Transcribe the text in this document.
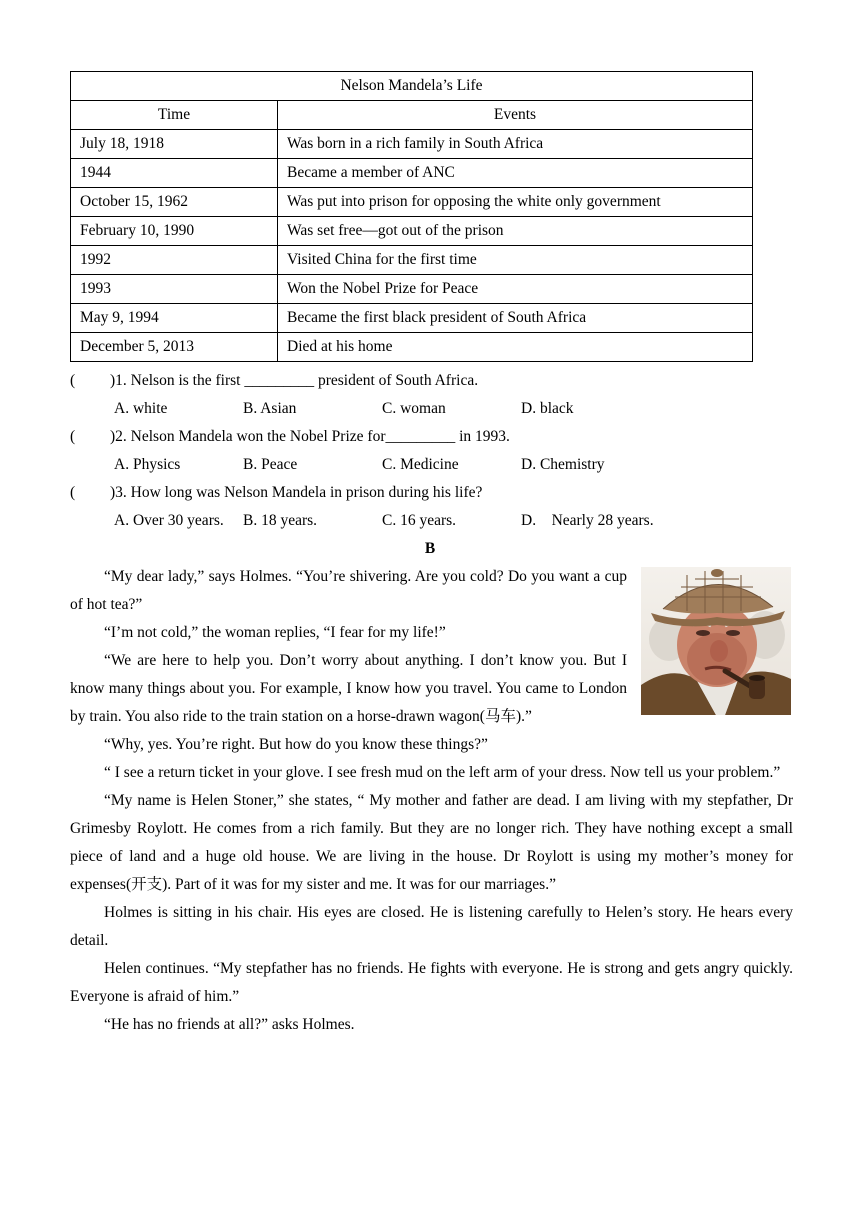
Nelson Mandela’s Life	
Time	Events
July 18, 1918	Was born in a rich family in South Africa
1944	Became a member of ANC
October 15, 1962	Was put into prison for opposing the white only government
February 10, 1990	Was set free—got out of the prison
1992	Visited China for the first time
1993	Won the Nobel Prize for Peace
May 9, 1994	Became the first black president of South Africa
December 5, 2013	Died at his home
( )1. Nelson is the first _________ president of South Africa.
A. white	B. Asian	C. woman	D. black
( )2. Nelson Mandela won the Nobel Prize for_________ in 1993.
A. Physics	B. Peace	C. Medicine	D. Chemistry
( )3. How long was Nelson Mandela in prison during his life?
A. Over 30 years. B. 18 years.	C. 16 years.	D.    Nearly 28 years.
B

“My dear lady,” says Holmes. “You’re shivering. Are you cold? Do you want a cup of hot tea?”

“I’m not cold,” the woman replies, “I fear for my life!”

“We are here to help you. Don’t worry about anything. I don’t know you. But I know many things about you. For example, I know how you travel. You came to London by train. You also ride to the train station on a horse-drawn wagon(马车).”

“Why, yes. You’re right. But how do you know these things?”

“ I see a return ticket in your glove. I see fresh mud on the left arm of your dress. Now tell us your problem.”

“My name is Helen Stoner,” she states, “ My mother and father are dead. I am living with my stepfather, Dr Grimesby Roylott. He comes from a rich family. But they are no longer rich. They have nothing except a small piece of land and a huge old house. We are living in the house. Dr Roylott is using my mother’s money for expenses(开支). Part of it was for my sister and me. It was for our marriages.”

Holmes is sitting in his chair. His eyes are closed. He is listening carefully to Helen’s story. He hears every detail.

Helen continues. “My stepfather has no friends. He fights with everyone. He is strong and gets angry quickly. Everyone is afraid of him.”

“He has no friends at all?” asks Holmes.
